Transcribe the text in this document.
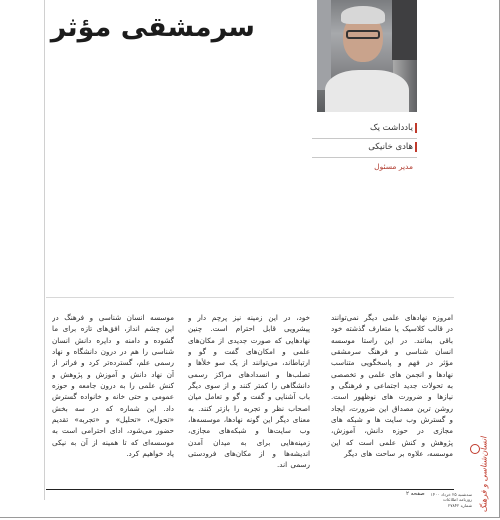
سرمشقی مؤثر
یادداشت یک
هادی خانیکی
مدیر مسئول
امروزه نهادهای علمی دیگر نمی‌توانند در قالب کلاسیک یا متعارف گذشته خود باقی بمانند. در این راستا موسسه انسان شناسی و فرهنگ سرمشقی مؤثر در فهم و پاسخگویی متناسب نهادها و انجمن های علمی و تخصصی به تحولات جدید اجتماعی و فرهنگی و نیازها و ضرورت های نوظهور است. روشن ترین مصداق این ضرورت، ایجاد و گسترش وب سایت ها و شبکه های مجازی در حوزه دانش، آموزش، پژوهش و کنش علمی است که این موسسه، علاوه بر ساحت های دیگر
خود، در این زمینه نیز پرچم دار و پیشرویی قابل احترام است. چنین نهادهایی که صورت جدیدی از مکان‌های علمی و امکان‌های گفت و گو و ارتباطاند، می‌توانند از یک سو خلأها و تصلب‌ها و انسدادهای مراکز رسمی دانشگاهی را کمتر کنند و از سوی دیگر باب آشنایی و گفت و گو و تعامل میان اصحاب نظر و تجربه را بازتر کنند. به معنای دیگر این گونه نهادها، موسسه‌ها، وب سایت‌ها و شبکه‌های مجازی، زمینه‌هایی برای به میدان آمدن اندیشه‌ها و از مکان‌های فرودستی رسمی اند.
موسسه انسان شناسی و فرهنگ در این چشم انداز، افق‌های تازه برای ما گشوده و دامنه و دایره دانش انسان شناسی را هم در درون دانشگاه و نهاد رسمی علم، گسترده‌تر کرد و فراتر از آن نهاد دانش و آموزش و پژوهش و کنش علمی را به درون جامعه و حوزه عمومی و حتی خانه و خانواده گسترش داد. این شماره که در سه بخش «تحول»، «تحلیل» و «تجربه» تقدیم حضور می‌شود، ادای احترامی است به موسسه‌ای که تا همینه از آن به نیکی یاد خواهیم کرد.	انسان‌شناسی و فرهنگ
صفحه ۲	سه‌شنبه ۲۵ خرداد ۱۴۰۰
روزنامه اطلاعات
شماره ۲۷۸۴۲
